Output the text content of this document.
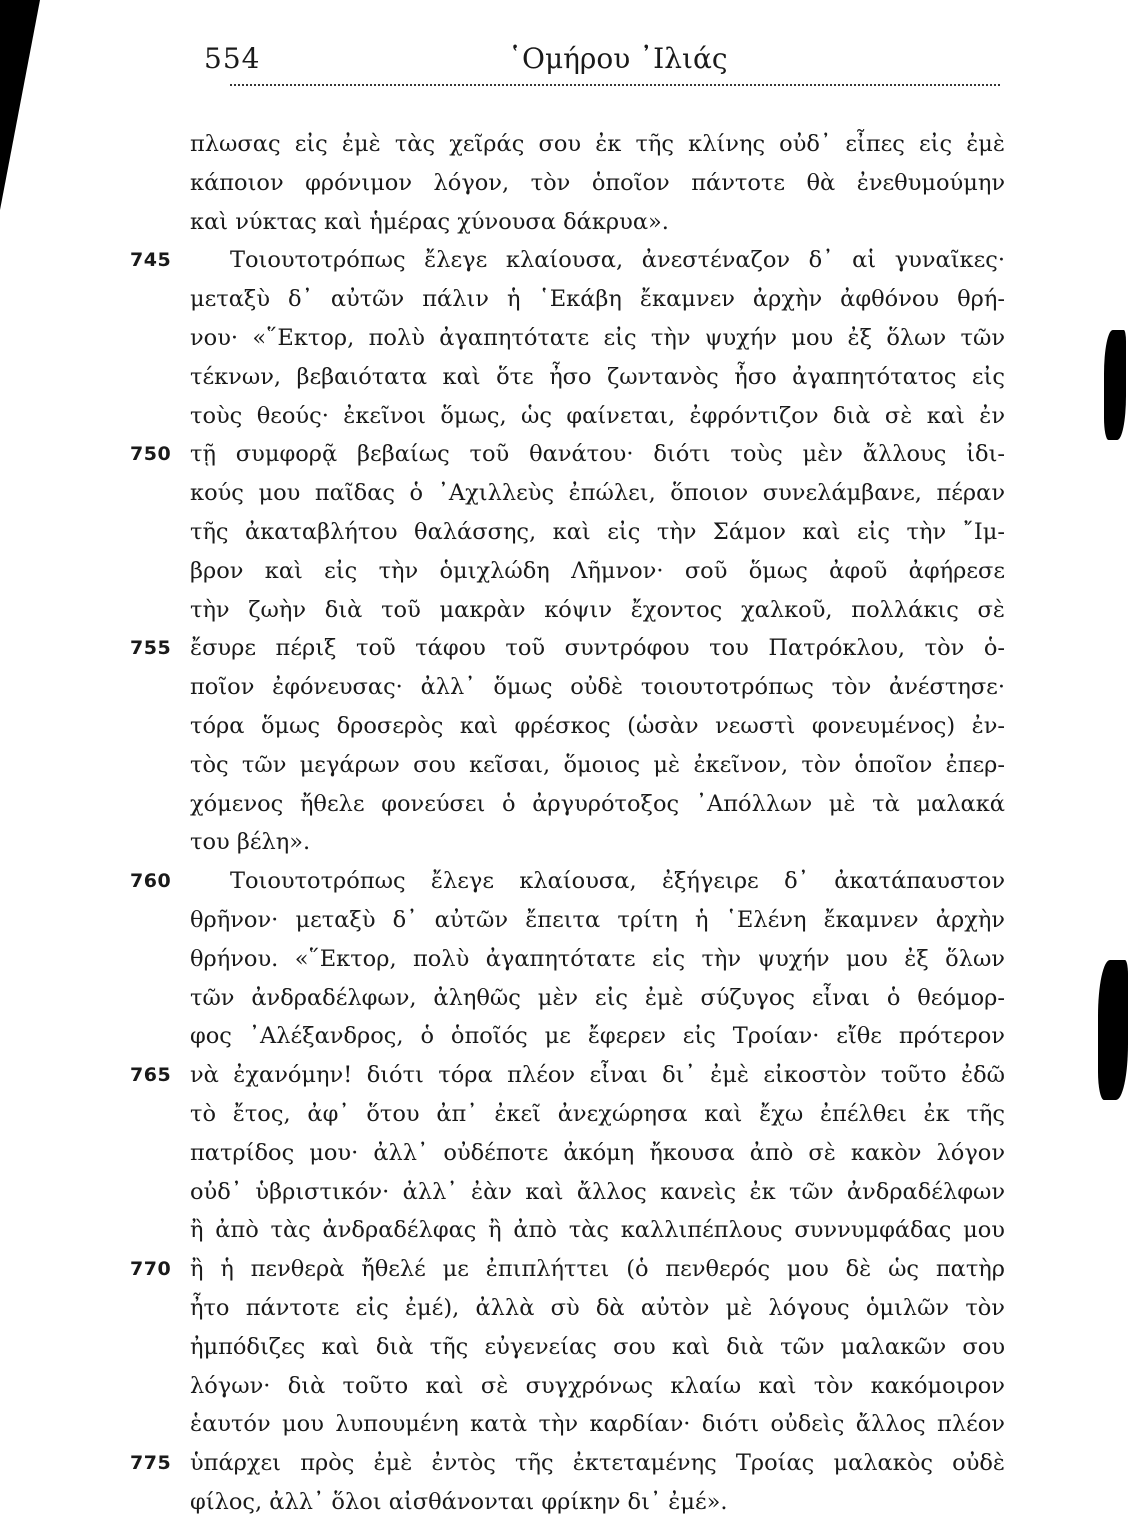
554	῾Ομήρου ᾿Ιλιάς
πλωσας εἰς ἐμὲ τὰς χεῖράς σου ἐκ τῆς κλίνης οὐδ᾽ εἶπες εἰς ἐμὲ
κάποιον φρόνιμον λόγον, τὸν ὁποῖον πάντοτε θὰ ἐνεθυμούμην
καὶ νύκτας καὶ ἡμέρας χύνουσα δάκρυα».
745	Τοιουτοτρόπως ἔλεγε κλαίουσα, ἀνεστέναζον δ᾽ αἱ γυναῖκες·
μεταξὺ δ᾽ αὐτῶν πάλιν ἡ ῾Εκάβη ἔκαμνεν ἀρχὴν ἀφθόνου θρή-
νου· «῞Εκτορ, πολὺ ἀγαπητότατε εἰς τὴν ψυχήν μου ἐξ ὅλων τῶν
τέκνων, βεβαιότατα καὶ ὅτε ἦσο ζωντανὸς ἦσο ἀγαπητότατος εἰς
τοὺς θεούς· ἐκεῖνοι ὅμως, ὡς φαίνεται, ἐφρόντιζον διὰ σὲ καὶ ἐν
750 τῇ συμφορᾷ βεβαίως τοῦ θανάτου· διότι τοὺς μὲν ἄλλους ἰδι-
κούς μου παῖδας ὁ ᾿Αχιλλεὺς ἐπώλει, ὅποιον συνελάμβανε, πέραν
τῆς ἀκαταβλήτου θαλάσσης, καὶ εἰς τὴν Σάμον καὶ εἰς τὴν ῎Ιμ-
βρον καὶ εἰς τὴν ὁμιχλώδη Λῆμνον· σοῦ ὅμως ἀφοῦ ἀφήρεσε
τὴν ζωὴν διὰ τοῦ μακρὰν κόψιν ἔχοντος χαλκοῦ, πολλάκις σὲ
755 ἔσυρε πέριξ τοῦ τάφου τοῦ συντρόφου του Πατρόκλου, τὸν ὁ-
ποῖον ἐφόνευσας· ἀλλ᾽ ὅμως οὐδὲ τοιουτοτρόπως τὸν ἀνέστησε·
τόρα ὅμως δροσερὸς καὶ φρέσκος (ὡσὰν νεωστὶ φονευμένος) ἐν-
τὸς τῶν μεγάρων σου κεῖσαι, ὅμοιος μὲ ἐκεῖνον, τὸν ὁποῖον ἐπερ-
χόμενος ἤθελε φονεύσει ὁ ἀργυρότοξος ᾿Απόλλων μὲ τὰ μαλακά
του βέλη».
760	Τοιουτοτρόπως ἔλεγε κλαίουσα, ἐξήγειρε δ᾽ ἀκατάπαυστον
θρῆνον· μεταξὺ δ᾽ αὐτῶν ἔπειτα τρίτη ἡ ῾Ελένη ἔκαμνεν ἀρχὴν
θρήνου. «῞Εκτορ, πολὺ ἀγαπητότατε εἰς τὴν ψυχήν μου ἐξ ὅλων
τῶν ἀνδραδέλφων, ἀληθῶς μὲν εἰς ἐμὲ σύζυγος εἶναι ὁ θεόμορ-
φος ᾿Αλέξανδρος, ὁ ὁποῖός με ἔφερεν εἰς Τροίαν· εἴθε πρότερον
765 νὰ ἐχανόμην! διότι τόρα πλέον εἶναι δι᾽ ἐμὲ εἰκοστὸν τοῦτο ἐδῶ
τὸ ἔτος, ἀφ᾽ ὅτου ἀπ᾽ ἐκεῖ ἀνεχώρησα καὶ ἔχω ἐπέλθει ἐκ τῆς
πατρίδος μου· ἀλλ᾽ οὐδέποτε ἀκόμη ἤκουσα ἀπὸ σὲ κακὸν λόγον
οὐδ᾽ ὑβριστικόν· ἀλλ᾽ ἐὰν καὶ ἄλλος κανεὶς ἐκ τῶν ἀνδραδέλφων
ἢ ἀπὸ τὰς ἀνδραδέλφας ἢ ἀπὸ τὰς καλλιπέπλους συννυμφάδας μου
770 ἢ ἡ πενθερὰ ἤθελέ με ἐπιπλήττει (ὁ πενθερός μου δὲ ὡς πατὴρ
ἦτο πάντοτε εἰς ἐμέ), ἀλλὰ σὺ δὰ αὐτὸν μὲ λόγους ὁμιλῶν τὸν
ἠμπόδιζες καὶ διὰ τῆς εὐγενείας σου καὶ διὰ τῶν μαλακῶν σου
λόγων· διὰ τοῦτο καὶ σὲ συγχρόνως κλαίω καὶ τὸν κακόμοιρον
ἑαυτόν μου λυπουμένη κατὰ τὴν καρδίαν· διότι οὐδεὶς ἄλλος πλέον
775 ὑπάρχει πρὸς ἐμὲ ἐντὸς τῆς ἐκτεταμένης Τροίας μαλακὸς οὐδὲ
φίλος, ἀλλ᾽ ὅλοι αἰσθάνονται φρίκην δι᾽ ἐμέ».
